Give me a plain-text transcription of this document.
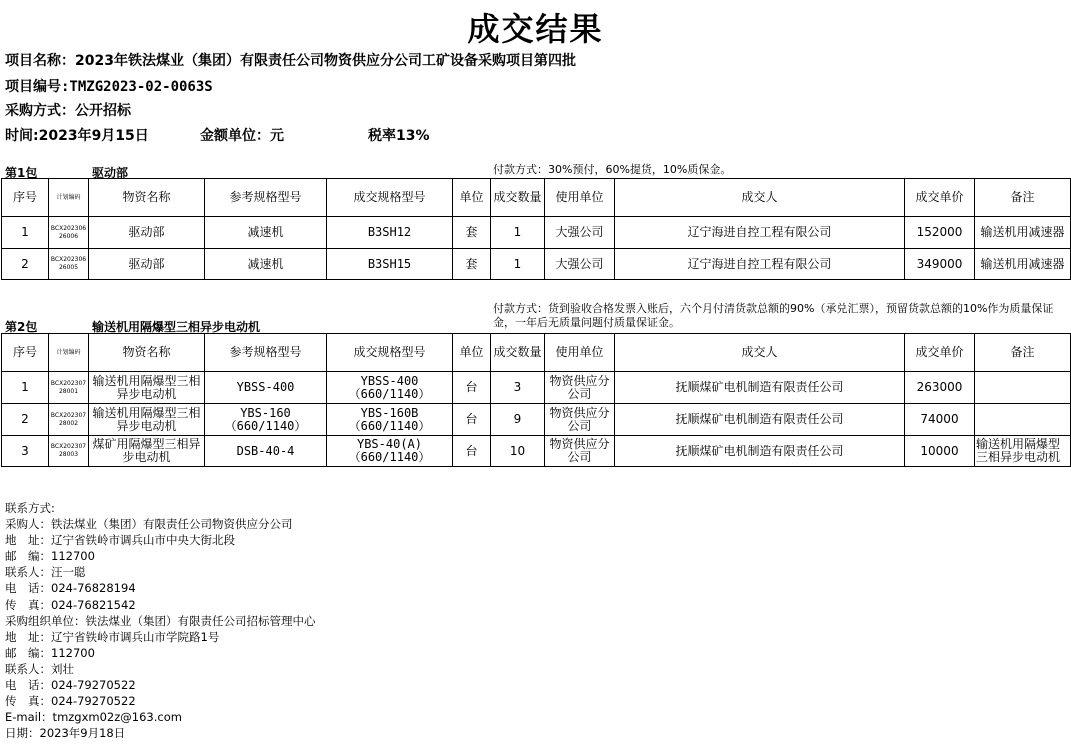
成交结果
项目名称：2023年铁法煤业（集团）有限责任公司物资供应分公司工矿设备采购项目第四批
项目编号:TMZG2023-02-0063S
采购方式：公开招标
时间:2023年9月15日	金额单位：元	税率13%
第1包	驱动部	付款方式：30%预付，60%提货，10%质保金。
序号	计划编码	物资名称	参考规格型号	成交规格型号	单位	成交数量	使用单位	成交人	成交单价	备注
1	BCX20230626006	驱动部	减速机	B3SH12	套	1	大强公司	辽宁海进自控工程有限公司	152000	输送机用减速器
2	BCX20230626005	驱动部	减速机	B3SH15	套	1	大强公司	辽宁海进自控工程有限公司	349000	输送机用减速器
第2包	输送机用隔爆型三相异步电动机
付款方式：货到验收合格发票入账后，六个月付清货款总额的90%（承兑汇票），预留货款总额的10%作为质量保证金，一年后无质量问题付质量保证金。
序号	计划编码	物资名称	参考规格型号	成交规格型号	单位	成交数量	使用单位	成交人	成交单价	备注
1	BCX20230728001	输送机用隔爆型三相异步电动机	YBSS-400	YBSS-400（660/1140）	台	3	物资供应分公司	抚顺煤矿电机制造有限责任公司	263000	
2	BCX20230728002	输送机用隔爆型三相异步电动机	YBS-160（660/1140）	YBS-160B（660/1140）	台	9	物资供应分公司	抚顺煤矿电机制造有限责任公司	74000	
3	BCX20230728003	煤矿用隔爆型三相异步电动机	DSB-40-4	YBS-40(A)（660/1140）	台	10	物资供应分公司	抚顺煤矿电机制造有限责任公司	10000	输送机用隔爆型三相异步电动机
联系方式:
采购人：铁法煤业（集团）有限责任公司物资供应分公司
地　址：辽宁省铁岭市调兵山市中央大街北段
邮　编：112700
联系人：汪一聪
电　话：024-76828194
传　真：024-76821542
采购组织单位：铁法煤业（集团）有限责任公司招标管理中心
地　址：辽宁省铁岭市调兵山市学院路1号
邮　编：112700
联系人：刘壮
电　话：024-79270522
传　真：024-79270522
E-mail：tmzgxm02z@163.com
日期：2023年9月18日
